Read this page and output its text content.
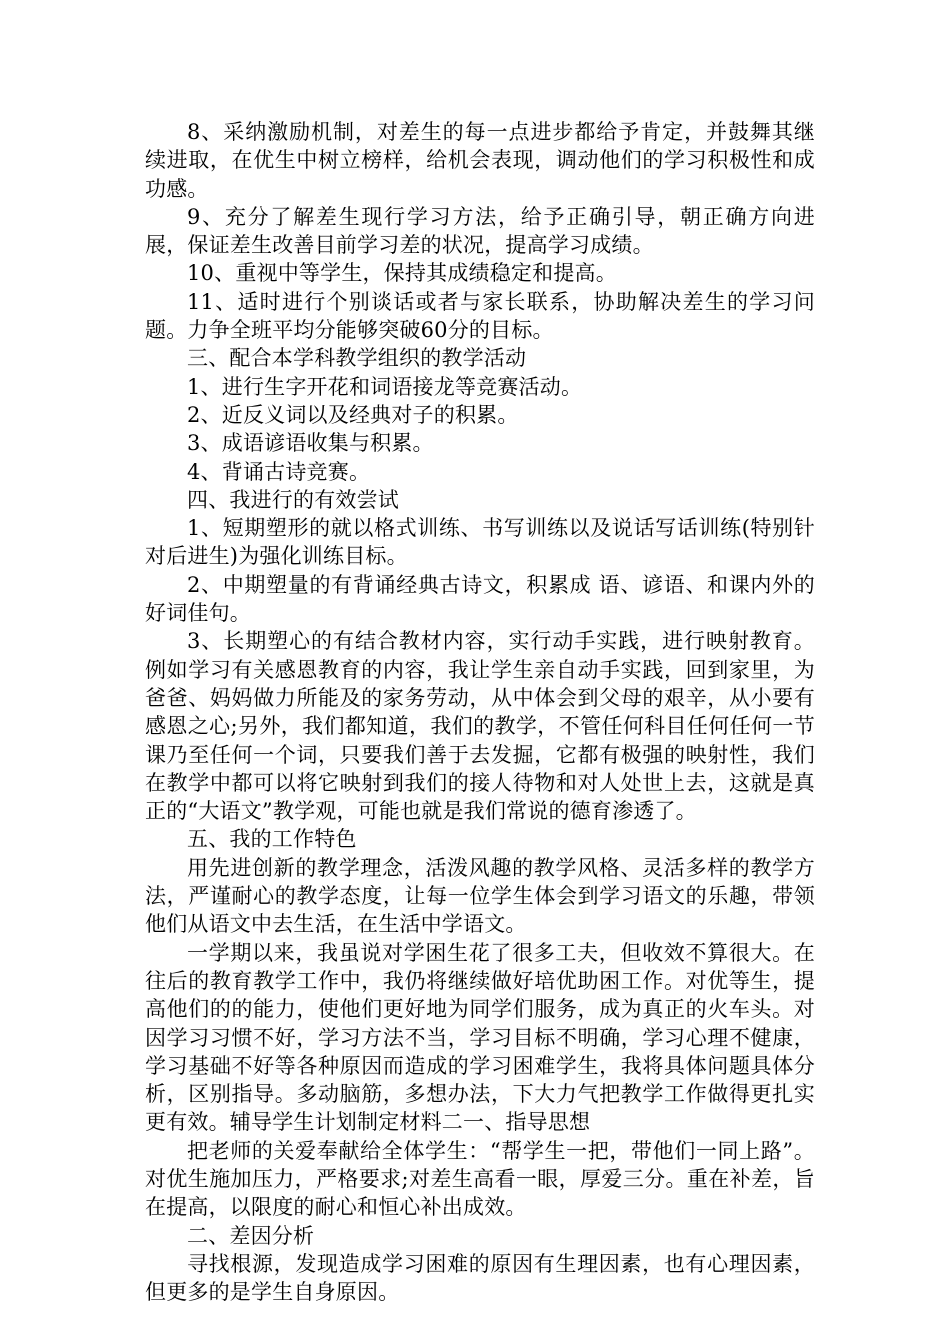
8、采纳激励机制，对差生的每一点进步都给予肯定，并鼓舞其继续进取，在优生中树立榜样，给机会表现，调动他们的学习积极性和成功感。

9、充分了解差生现行学习方法，给予正确引导，朝正确方向进展，保证差生改善目前学习差的状况，提高学习成绩。

10、重视中等学生，保持其成绩稳定和提高。

11、适时进行个别谈话或者与家长联系，协助解决差生的学习问题。力争全班平均分能够突破60分的目标。

三、配合本学科教学组织的教学活动

1、进行生字开花和词语接龙等竞赛活动。

2、近反义词以及经典对子的积累。

3、成语谚语收集与积累。

4、背诵古诗竞赛。

四、我进行的有效尝试

1、短期塑形的就以格式训练、书写训练以及说话写话训练(特别针对后进生)为强化训练目标。

2、中期塑量的有背诵经典古诗文，积累成 语、谚语、和课内外的好词佳句。

3、长期塑心的有结合教材内容，实行动手实践，进行映射教育。例如学习有关感恩教育的内容，我让学生亲自动手实践，回到家里，为爸爸、妈妈做力所能及的家务劳动，从中体会到父母的艰辛，从小要有感恩之心;另外，我们都知道，我们的教学，不管任何科目任何任何一节课乃至任何一个词，只要我们善于去发掘，它都有极强的映射性，我们在教学中都可以将它映射到我们的接人待物和对人处世上去，这就是真正的“大语文”教学观，可能也就是我们常说的德育渗透了。

五、我的工作特色

用先进创新的教学理念，活泼风趣的教学风格、灵活多样的教学方法，严谨耐心的教学态度，让每一位学生体会到学习语文的乐趣，带领他们从语文中去生活，在生活中学语文。

一学期以来，我虽说对学困生花了很多工夫，但收效不算很大。在往后的教育教学工作中，我仍将继续做好培优助困工作。对优等生，提高他们的的能力，使他们更好地为同学们服务，成为真正的火车头。对因学习习惯不好，学习方法不当，学习目标不明确，学习心理不健康，学习基础不好等各种原因而造成的学习困难学生，我将具体问题具体分析，区别指导。多动脑筋，多想办法，下大力气把教学工作做得更扎实更有效。辅导学生计划制定材料二一、指导思想

把老师的关爱奉献给全体学生：“帮学生一把，带他们一同上路”。对优生施加压力，严格要求;对差生高看一眼，厚爱三分。重在补差，旨在提高，以限度的耐心和恒心补出成效。

二、差因分析

寻找根源，发现造成学习困难的原因有生理因素，也有心理因素，但更多的是学生自身原因。
